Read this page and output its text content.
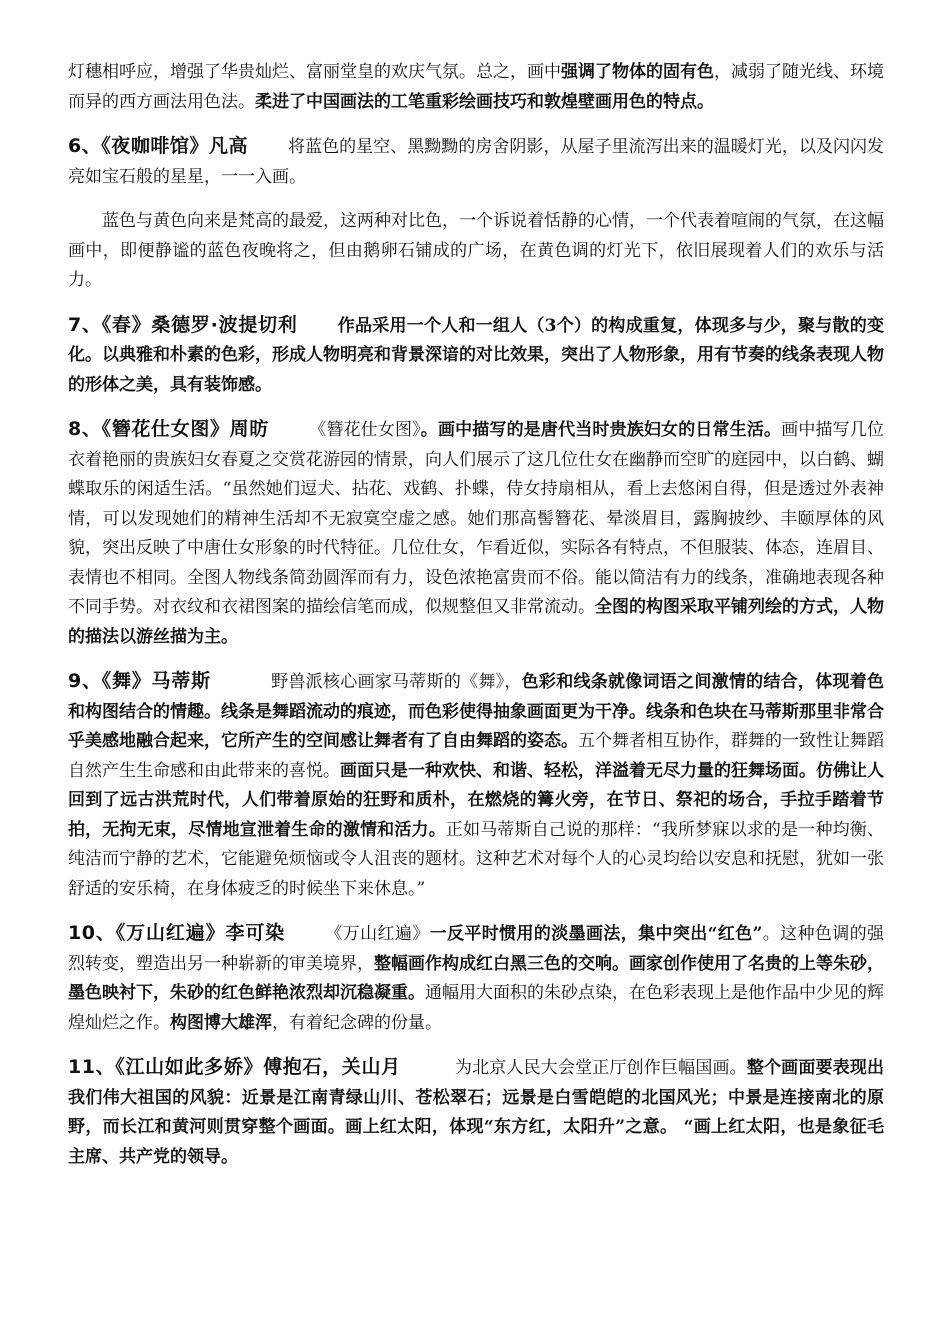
灯穗相呼应，增强了华贵灿烂、富丽堂皇的欢庆气氛。总之，画中强调了物体的固有色，减弱了随光线、环境而异的西方画法用色法。柔进了中国画法的工笔重彩绘画技巧和敦煌壁画用色的特点。

6、《夜咖啡馆》凡高 将蓝色的星空、黑黝黝的房舍阴影，从屋子里流泻出来的温暖灯光，以及闪闪发亮如宝石般的星星，一一入画。

蓝色与黄色向来是梵高的最爱，这两种对比色，一个诉说着恬静的心情，一个代表着喧闹的气氛，在这幅画中，即便静谧的蓝色夜晚将之，但由鹅卵石铺成的广场，在黄色调的灯光下，依旧展现着人们的欢乐与活力。

7、《春》桑德罗·波提切利 作品采用一个人和一组人（3个）的构成重复，体现多与少，聚与散的变化。以典雅和朴素的色彩，形成人物明亮和背景深谙的对比效果，突出了人物形象，用有节奏的线条表现人物的形体之美，具有装饰感。

8、《簪花仕女图》周昉 《簪花仕女图》。画中描写的是唐代当时贵族妇女的日常生活。画中描写几位衣着艳丽的贵族妇女春夏之交赏花游园的情景，向人们展示了这几位仕女在幽静而空旷的庭园中，以白鹤、蝴蝶取乐的闲适生活。“虽然她们逗犬、拈花、戏鹤、扑蝶，侍女持扇相从，看上去悠闲自得，但是透过外表神情，可以发现她们的精神生活却不无寂寞空虚之感。她们那高髻簪花、晕淡眉目，露胸披纱、丰颐厚体的风貌，突出反映了中唐仕女形象的时代特征。几位仕女，乍看近似，实际各有特点，不但服装、体态，连眉目、表情也不相同。全图人物线条简劲圆浑而有力，设色浓艳富贵而不俗。能以简洁有力的线条，准确地表现各种不同手势。对衣纹和衣裙图案的描绘信笔而成，似规整但又非常流动。全图的构图采取平铺列绘的方式，人物的描法以游丝描为主。

9、《舞》马蒂斯	野兽派核心画家马蒂斯的《舞》，色彩和线条就像词语之间激情的结合，体现着色和构图结合的情趣。线条是舞蹈流动的痕迹，而色彩使得抽象画面更为干净。线条和色块在马蒂斯那里非常合乎美感地融合起来，它所产生的空间感让舞者有了自由舞蹈的姿态。五个舞者相互协作，群舞的一致性让舞蹈自然产生生命感和由此带来的喜悦。画面只是一种欢快、和谐、轻松，洋溢着无尽力量的狂舞场面。仿佛让人回到了远古洪荒时代，人们带着原始的狂野和质朴，在燃烧的篝火旁，在节日、祭祀的场合，手拉手踏着节拍，无拘无束，尽情地宣泄着生命的激情和活力。正如马蒂斯自己说的那样：“我所梦寐以求的是一种均衡、纯洁而宁静的艺术，它能避免烦恼或令人沮丧的题材。这种艺术对每个人的心灵均给以安息和抚慰，犹如一张舒适的安乐椅，在身体疲乏的时候坐下来休息。”

10、《万山红遍》李可染 《万山红遍》一反平时惯用的淡墨画法，集中突出“红色”。这种色调的强烈转变，塑造出另一种崭新的审美境界，整幅画作构成红白黑三色的交响。画家创作使用了名贵的上等朱砂，墨色映衬下，朱砂的红色鲜艳浓烈却沉稳凝重。通幅用大面积的朱砂点染，在色彩表现上是他作品中少见的辉煌灿烂之作。构图博大雄浑，有着纪念碑的份量。

11、《江山如此多娇》傅抱石，关山月	为北京人民大会堂正厅创作巨幅国画。整个画面要表现出我们伟大祖国的风貌：近景是江南青绿山川、苍松翠石；远景是白雪皑皑的北国风光；中景是连接南北的原野，而长江和黄河则贯穿整个画面。画上红太阳，体现“东方红，太阳升”之意。 “画上红太阳，也是象征毛主席、共产党的领导。
